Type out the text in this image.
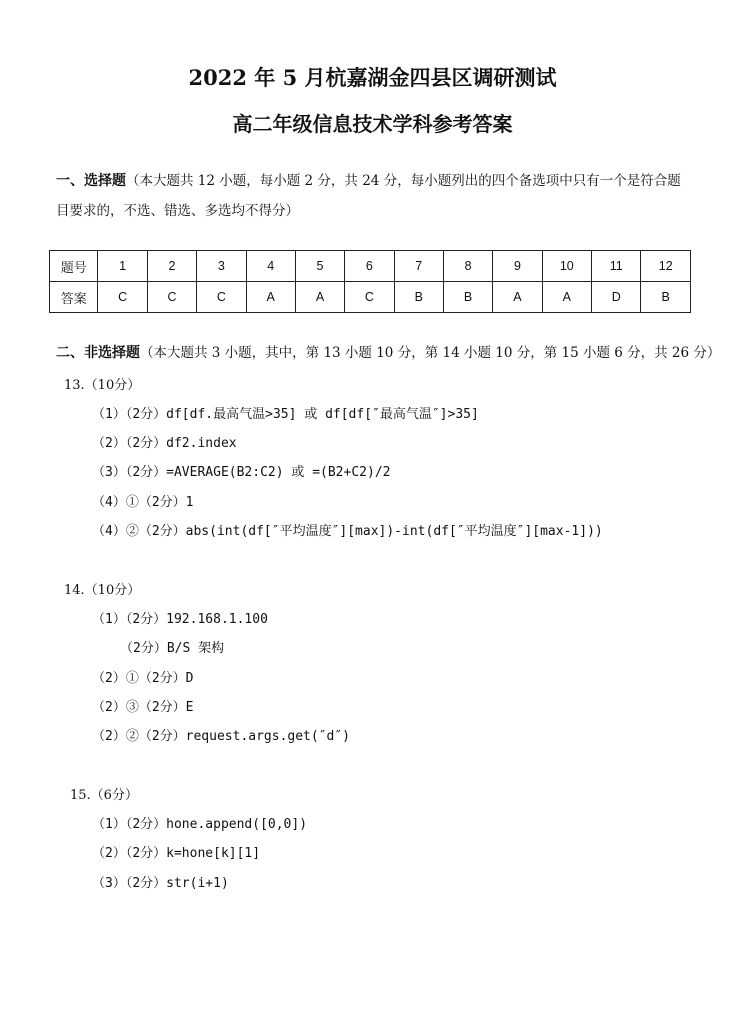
2022 年 5 月杭嘉湖金四县区调研测试
高二年级信息技术学科参考答案
一、选择题（本大题共 12 小题，每小题 2 分，共 24 分，每小题列出的四个备选项中只有一个是符合题
目要求的，不选、错选、多选均不得分）
题号	1	2	3	4	5	6	7	8	9	10	11	12
答案	C	C	C	A	A	C	B	B	A	A	D	B
二、非选择题（本大题共 3 小题，其中，第 13 小题 10 分，第 14 小题 10 分，第 15 小题 6 分，共 26 分）
13.（10分）
（1）（2分）df[df.最高气温>35] 或 df[df[″最高气温″]>35]
（2）（2分）df2.index
（3）（2分）=AVERAGE(B2:C2) 或 =(B2+C2)/2
（4）①（2分）1
（4）②（2分）abs(int(df[″平均温度″][max])-int(df[″平均温度″][max-1]))
14.（10分）
（1）（2分）192.168.1.100
（2分）B/S 架构
（2）①（2分）D
（2）③（2分）E
（2）②（2分）request.args.get(″d″)
15.（6分）
（1）（2分）hone.append([0,0])
（2）（2分）k=hone[k][1]
（3）（2分）str(i+1)
